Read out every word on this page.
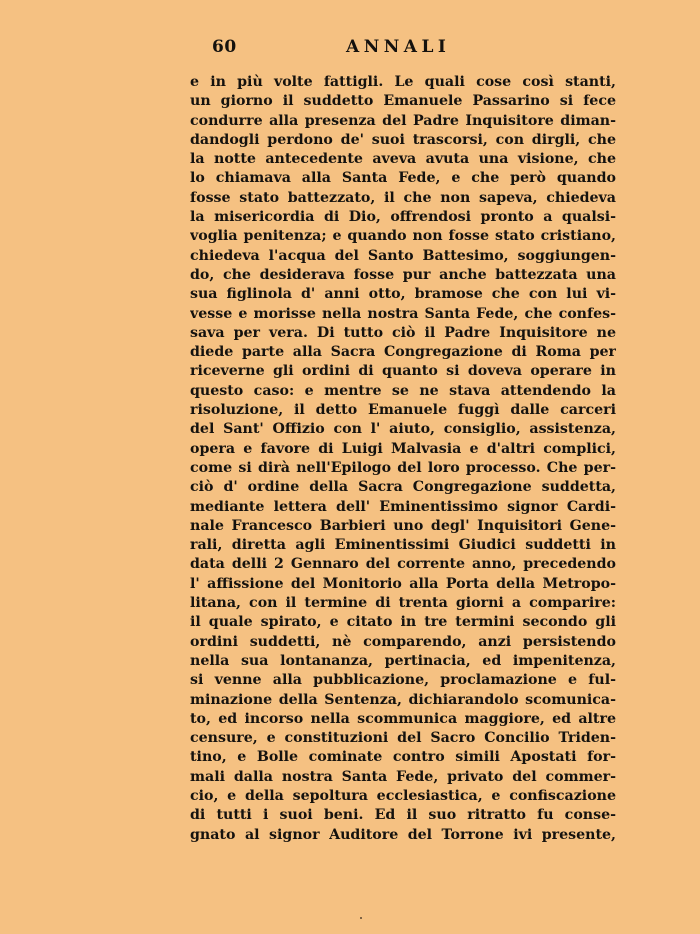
60	ANNALI
e in più volte fattigli. Le quali cose così stanti,
un giorno il suddetto Emanuele Passarino si fece
condurre alla presenza del Padre Inquisitore diman-
dandogli perdono de' suoi trascorsi, con dirgli, che
la notte antecedente aveva avuta una visione, che
lo chiamava alla Santa Fede, e che però quando
fosse stato battezzato, il che non sapeva, chiedeva
la misericordia di Dio, offrendosi pronto a qualsi-
voglia penitenza; e quando non fosse stato cristiano,
chiedeva l'acqua del Santo Battesimo, soggiungen-
do, che desiderava fosse pur anche battezzata una
sua figlinola d' anni otto, bramose che con lui vi-
vesse e morisse nella nostra Santa Fede, che confes-
sava per vera. Di tutto ciò il Padre Inquisitore ne
diede parte alla Sacra Congregazione di Roma per
riceverne gli ordini di quanto si doveva operare in
questo caso: e mentre se ne stava attendendo la
risoluzione, il detto Emanuele fuggì dalle carceri
del Sant' Offizio con l' aiuto, consiglio, assistenza,
opera e favore di Luigi Malvasia e d'altri complici,
come si dirà nell'Epilogo del loro processo. Che per-
ciò d' ordine della Sacra Congregazione suddetta,
mediante lettera dell' Eminentissimo signor Cardi-
nale Francesco Barbieri uno degl' Inquisitori Gene-
rali, diretta agli Eminentissimi Giudici suddetti in
data delli 2 Gennaro del corrente anno, precedendo
l' affissione del Monitorio alla Porta della Metropo-
litana, con il termine di trenta giorni a comparire:
il quale spirato, e citato in tre termini secondo gli
ordini suddetti, nè comparendo, anzi persistendo
nella sua lontananza, pertinacia, ed impenitenza,
si venne alla pubblicazione, proclamazione e ful-
minazione della Sentenza, dichiarandolo scomunica-
to, ed incorso nella scommunica maggiore, ed altre
censure, e constituzioni del Sacro Concilio Triden-
tino, e Bolle cominate contro simili Apostati for-
mali dalla nostra Santa Fede, privato del commer-
cio, e della sepoltura ecclesiastica, e confiscazione
di tutti i suoi beni. Ed il suo ritratto fu conse-
gnato al signor Auditore del Torrone ivi presente,
